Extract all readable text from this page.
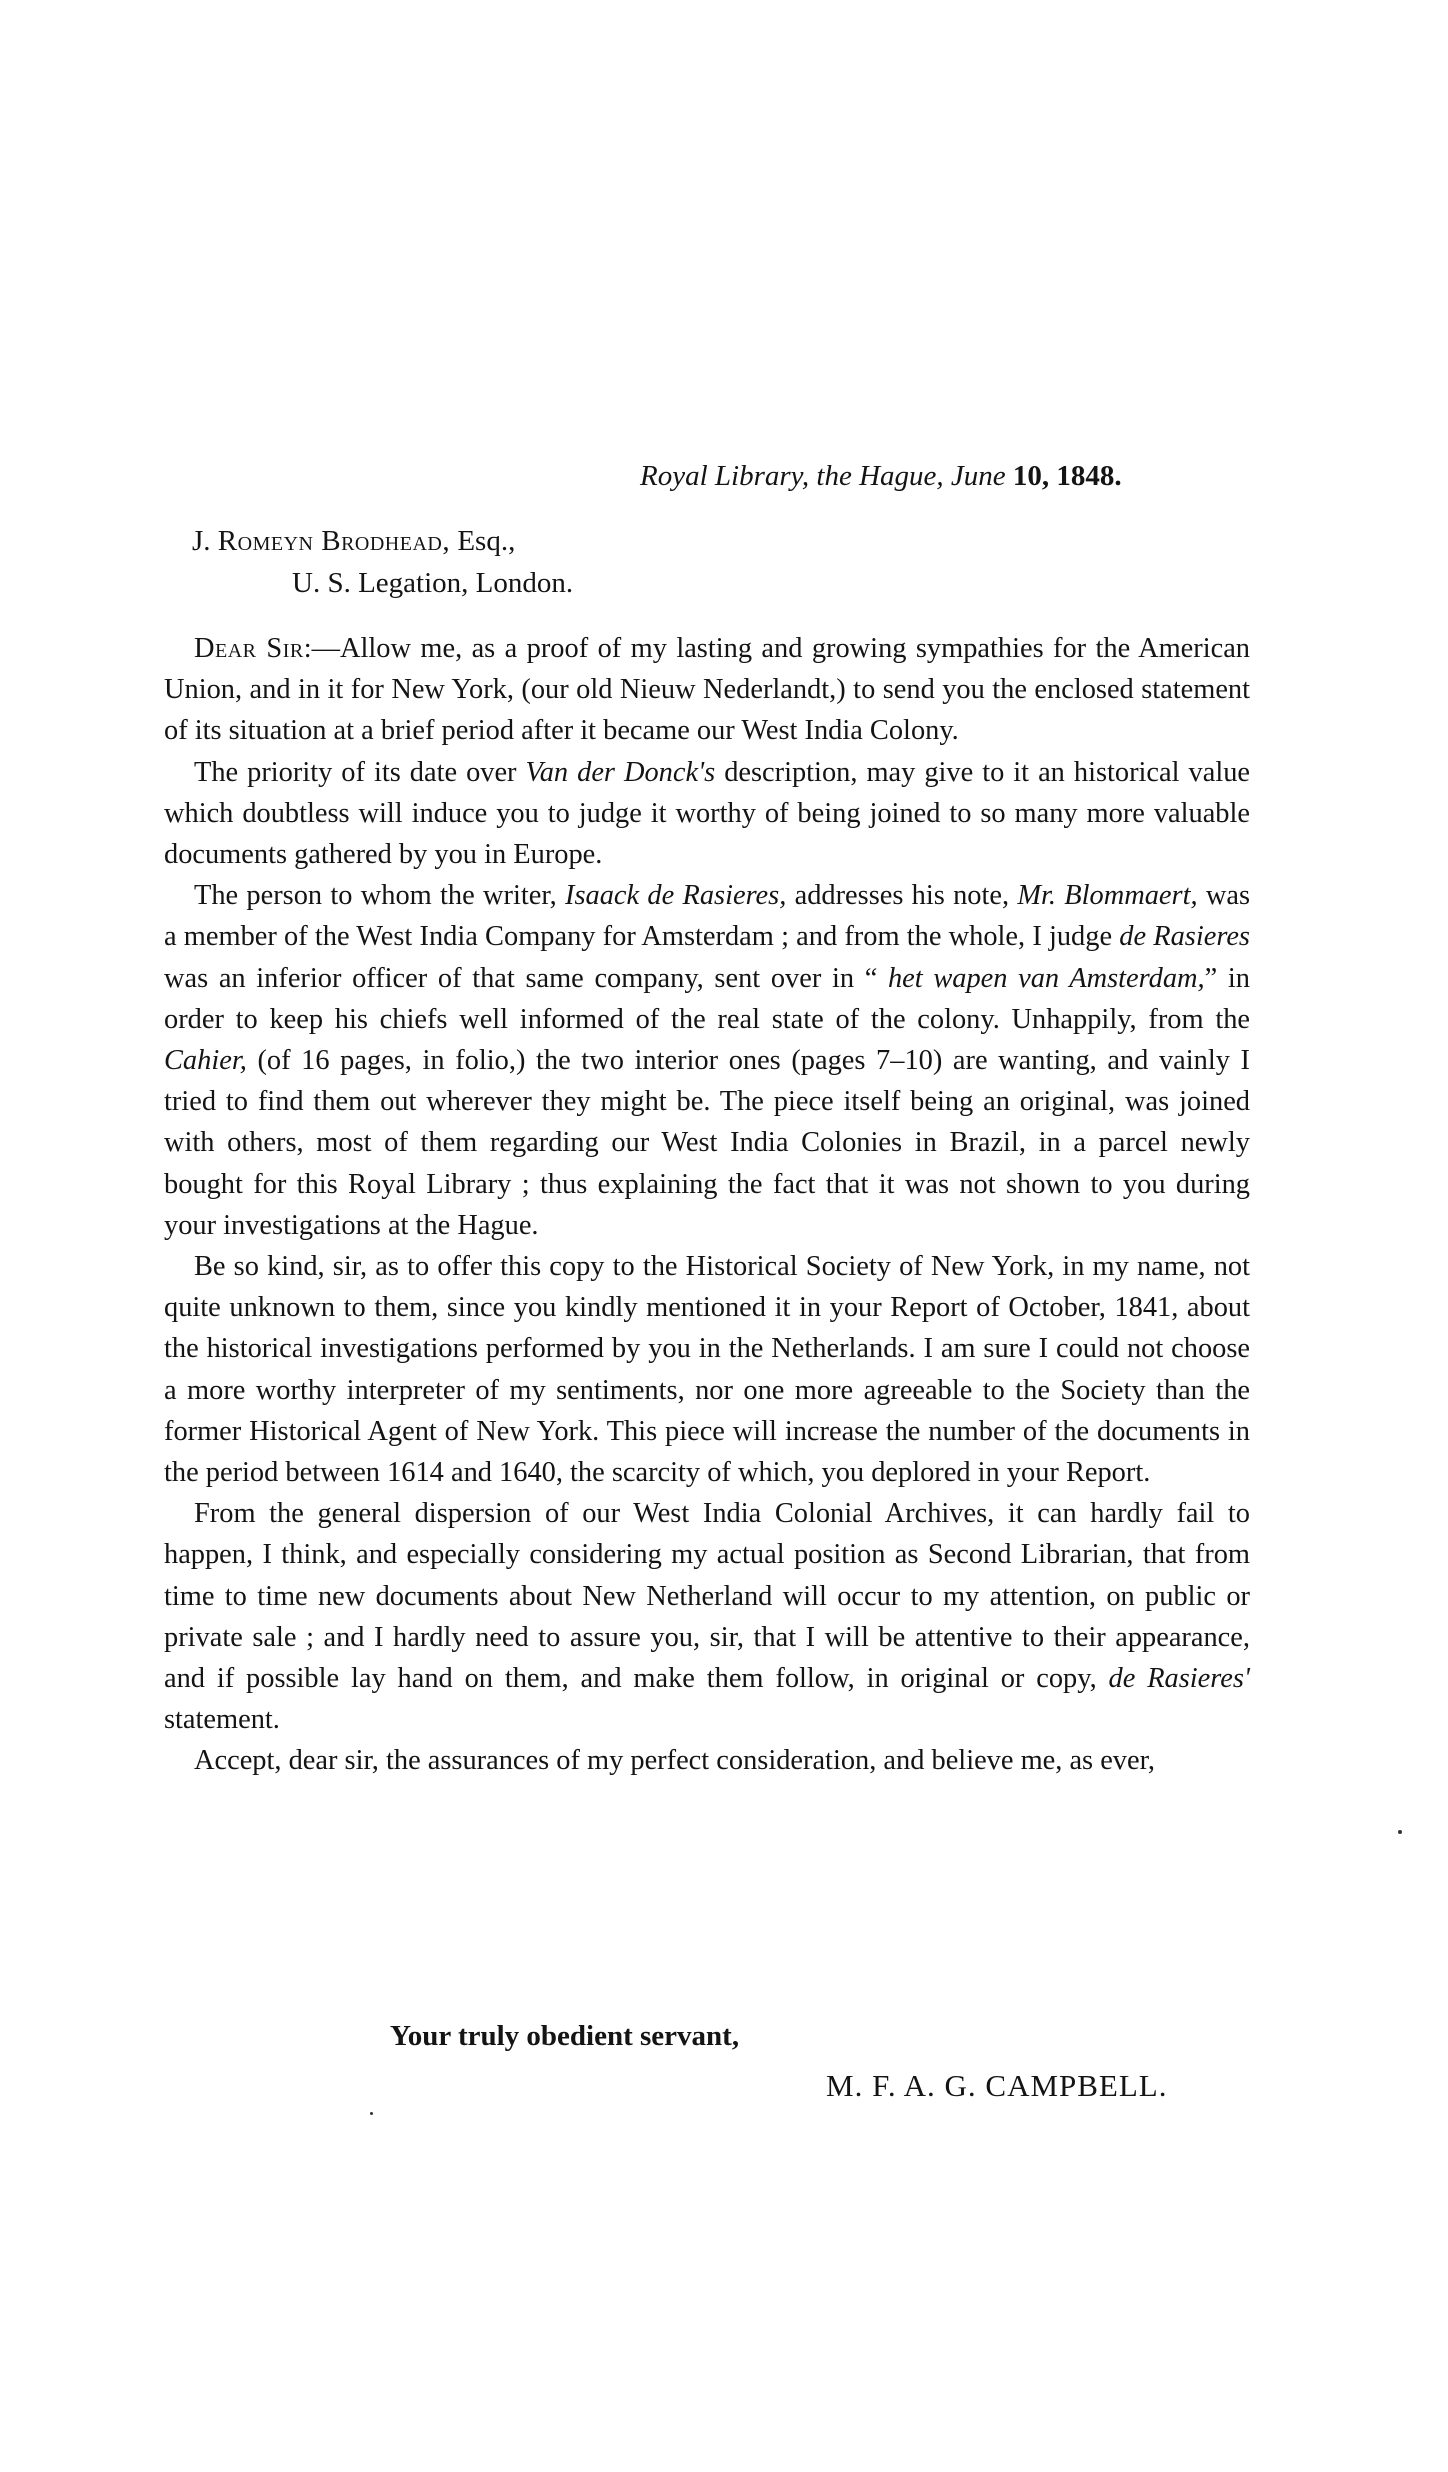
Royal Library, the Hague, June 10, 1848.
J. Romeyn Brodhead, Esq.,
U. S. Legation, London.

Dear Sir:—Allow me, as a proof of my lasting and growing sympathies for the American Union, and in it for New York, (our old Nieuw Nederlandt,) to send you the enclosed statement of its situation at a brief period after it became our West India Colony.

The priority of its date over Van der Donck's description, may give to it an historical value which doubtless will induce you to judge it worthy of being joined to so many more valuable documents gathered by you in Europe.

The person to whom the writer, Isaack de Rasieres, addresses his note, Mr. Blommaert, was a member of the West India Company for Amsterdam ; and from the whole, I judge de Rasieres was an inferior officer of that same company, sent over in “ het wapen van Amsterdam,” in order to keep his chiefs well informed of the real state of the colony. Unhappily, from the Cahier, (of 16 pages, in folio,) the two interior ones (pages 7–10) are wanting, and vainly I tried to find them out wherever they might be. The piece itself being an original, was joined with others, most of them regarding our West India Colonies in Brazil, in a parcel newly bought for this Royal Library ; thus explaining the fact that it was not shown to you during your investigations at the Hague.

Be so kind, sir, as to offer this copy to the Historical Society of New York, in my name, not quite unknown to them, since you kindly mentioned it in your Report of October, 1841, about the historical investigations performed by you in the Netherlands. I am sure I could not choose a more worthy interpreter of my sentiments, nor one more agreeable to the Society than the former Historical Agent of New York. This piece will increase the number of the documents in the period between 1614 and 1640, the scarcity of which, you deplored in your Report.

From the general dispersion of our West India Colonial Archives, it can hardly fail to happen, I think, and especially considering my actual position as Second Librarian, that from time to time new documents about New Netherland will occur to my attention, on public or private sale ; and I hardly need to assure you, sir, that I will be attentive to their appearance, and if possible lay hand on them, and make them follow, in original or copy, de Rasieres' statement.

Accept, dear sir, the assurances of my perfect consideration, and believe me, as ever,

Your truly obedient servant,
M. F. A. G. CAMPBELL.
